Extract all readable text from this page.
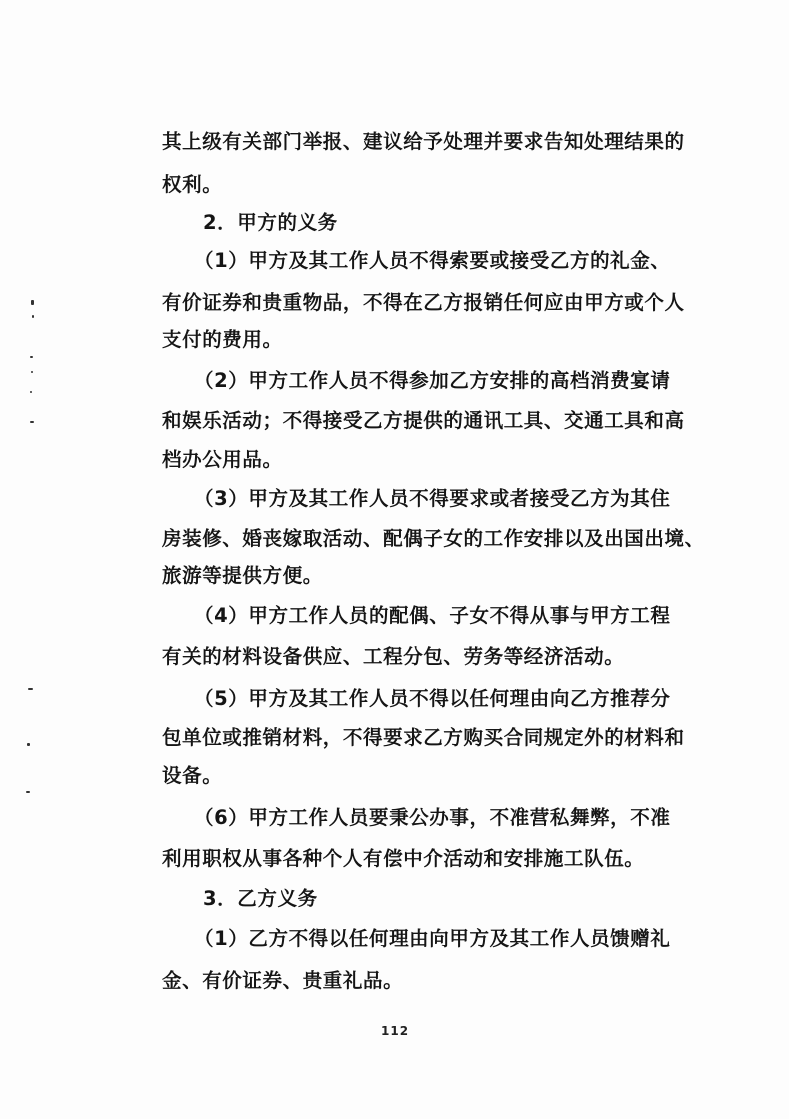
其上级有关部门举报、建议给予处理并要求告知处理结果的
权利。
2．甲方的义务
（1）甲方及其工作人员不得索要或接受乙方的礼金、
有价证券和贵重物品，不得在乙方报销任何应由甲方或个人
支付的费用。
（2）甲方工作人员不得参加乙方安排的高档消费宴请
和娱乐活动；不得接受乙方提供的通讯工具、交通工具和高
档办公用品。
（3）甲方及其工作人员不得要求或者接受乙方为其住
房装修、婚丧嫁取活动、配偶子女的工作安排以及出国出境、
旅游等提供方便。
（4）甲方工作人员的配偶、子女不得从事与甲方工程
有关的材料设备供应、工程分包、劳务等经济活动。
（5）甲方及其工作人员不得以任何理由向乙方推荐分
包单位或推销材料，不得要求乙方购买合同规定外的材料和
设备。
（6）甲方工作人员要秉公办事，不准营私舞弊，不准
利用职权从事各种个人有偿中介活动和安排施工队伍。
3．乙方义务
（1）乙方不得以任何理由向甲方及其工作人员馈赠礼
金、有价证券、贵重礼品。
112
